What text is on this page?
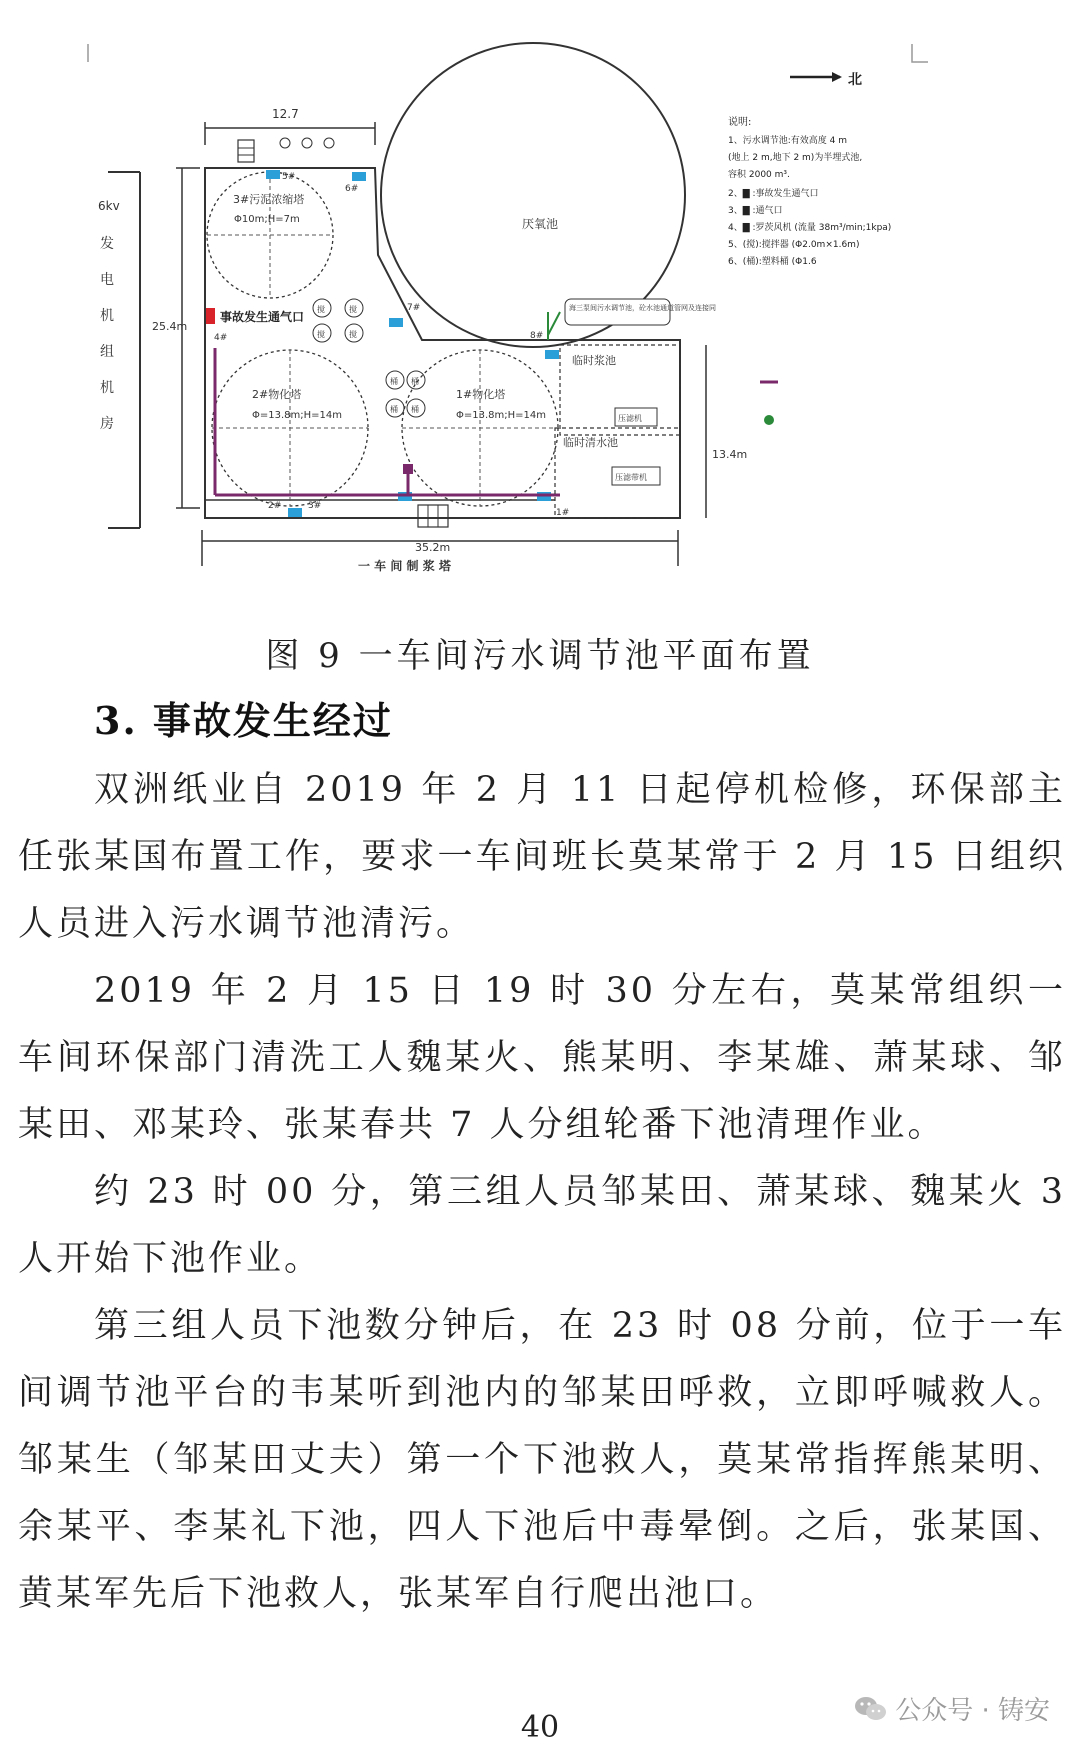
北
6kv
发
电
机
组
机
房
12.7
25.4m
35.2m
一 车 间 制 浆 塔
13.4m
厌氧池
3#污泥浓缩塔
Φ10m;H=7m
2#物化塔
Φ=13.8m;H=14m
1#物化塔
Φ=13.8m;H=14m
搅	搅
搅	搅
桶 桶
桶 桶
事故发生通气口
5#
6#
7#
8#
4#
3#
1#
2#
临时浆池
压滤机
临时清水池
压滤带机
海三泵间污水调节池，砼水池通道管网及连接同
说明:
1、污水调节池:有效高度 4 m
(地上 2 m,地下 2 m)为半埋式池,
容积 2000 m³.
2、▇ :事故发生通气口
3、▇ :通气口
4、▇ :罗茨风机 (流量 38m³/min;1kpa)
5、(搅):搅拌器 (Φ2.0m×1.6m)
6、(桶):塑料桶 (Φ1.6
图 9 一车间污水调节池平面布置
3. 事故发生经过

双洲纸业自 2019 年 2 月 11 日起停机检修，环保部主任张某国布置工作，要求一车间班长莫某常于 2 月 15 日组织人员进入污水调节池清污。

2019 年 2 月 15 日 19 时 30 分左右，莫某常组织一车间环保部门清洗工人魏某火、熊某明、李某雄、萧某球、邹某田、邓某玲、张某春共 7 人分组轮番下池清理作业。

约 23 时 00 分，第三组人员邹某田、萧某球、魏某火 3 人开始下池作业。

第三组人员下池数分钟后，在 23 时 08 分前，位于一车间调节池平台的韦某听到池内的邹某田呼救，立即呼喊救人。邹某生（邹某田丈夫）第一个下池救人，莫某常指挥熊某明、余某平、李某礼下池，四人下池后中毒晕倒。之后，张某国、黄某军先后下池救人，张某军自行爬出池口。

40	公众号 · 铸安
